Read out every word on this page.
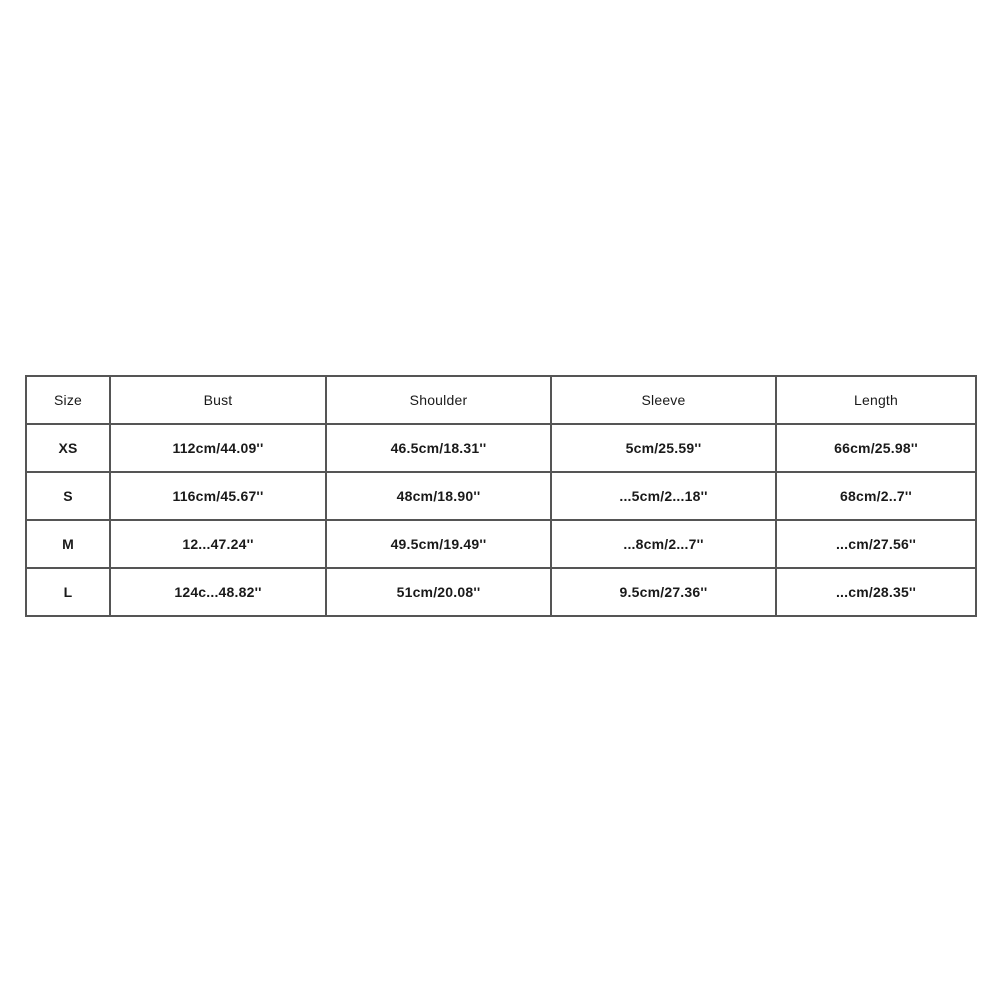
Size	Bust	Shoulder	Sleeve	Length
XS	112cm/44.09''	46.5cm/18.31''	5cm/25.59''	66cm/25.98''
S	116cm/45.67''	48cm/18.90''	...5cm/2...18''	68cm/2..7''
M	12...47.24''	49.5cm/19.49''	...8cm/2...7''	...cm/27.56''
L	124c...48.82''	51cm/20.08''	9.5cm/27.36''	...cm/28.35''
